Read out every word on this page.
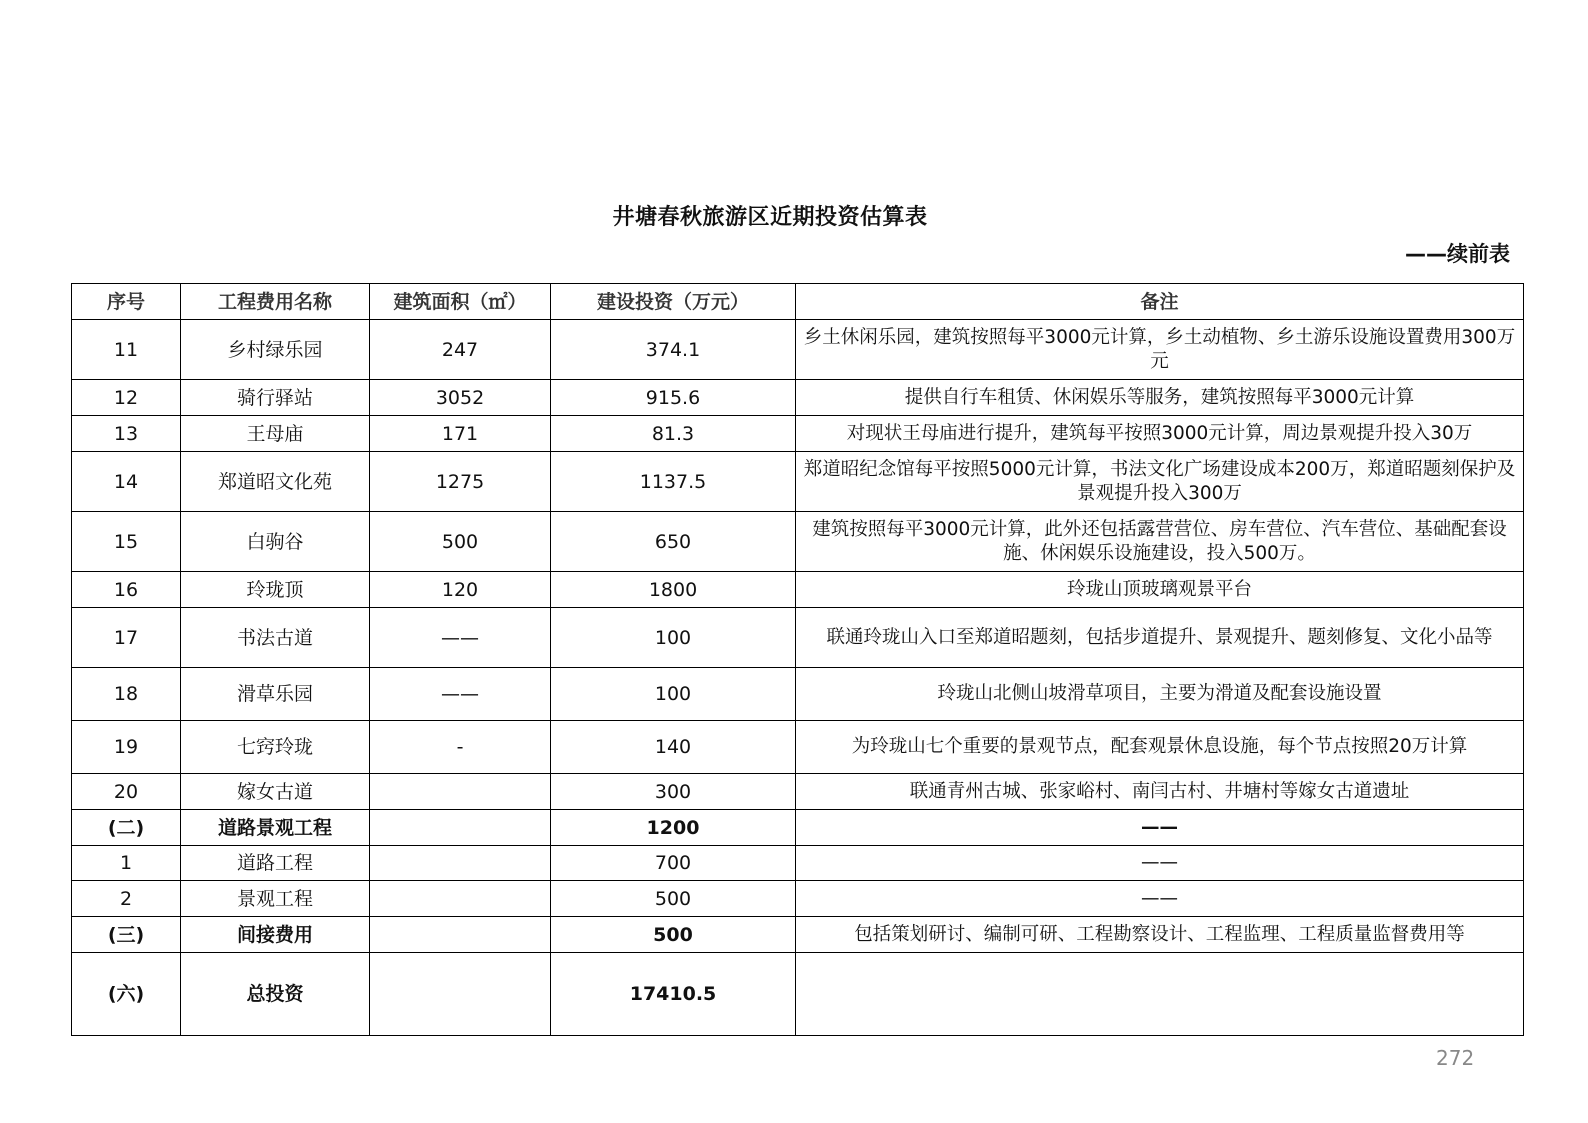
井塘春秋旅游区近期投资估算表
——续前表
序号	工程费用名称	建筑面积（㎡）	建设投资（万元）	备注
11	乡村绿乐园	247	374.1	乡土休闲乐园，建筑按照每平3000元计算，乡土动植物、乡土游乐设施设置费用300万元
12	骑行驿站	3052	915.6	提供自行车租赁、休闲娱乐等服务，建筑按照每平3000元计算
13	王母庙	171	81.3	对现状王母庙进行提升，建筑每平按照3000元计算，周边景观提升投入30万
14	郑道昭文化苑	1275	1137.5	郑道昭纪念馆每平按照5000元计算，书法文化广场建设成本200万，郑道昭题刻保护及景观提升投入300万
15	白驹谷	500	650	建筑按照每平3000元计算，此外还包括露营营位、房车营位、汽车营位、基础配套设施、休闲娱乐设施建设，投入500万。
16	玲珑顶	120	1800	玲珑山顶玻璃观景平台
17	书法古道	——	100	联通玲珑山入口至郑道昭题刻，包括步道提升、景观提升、题刻修复、文化小品等
18	滑草乐园	——	100	玲珑山北侧山坡滑草项目，主要为滑道及配套设施设置
19	七窍玲珑	-	140	为玲珑山七个重要的景观节点，配套观景休息设施，每个节点按照20万计算
20	嫁女古道		300	联通青州古城、张家峪村、南闫古村、井塘村等嫁女古道遗址
(二)	道路景观工程		1200	——
1	道路工程		700	——
2	景观工程		500	——
(三)	间接费用		500	包括策划研讨、编制可研、工程勘察设计、工程监理、工程质量监督费用等
(六)	总投资		17410.5	
272
